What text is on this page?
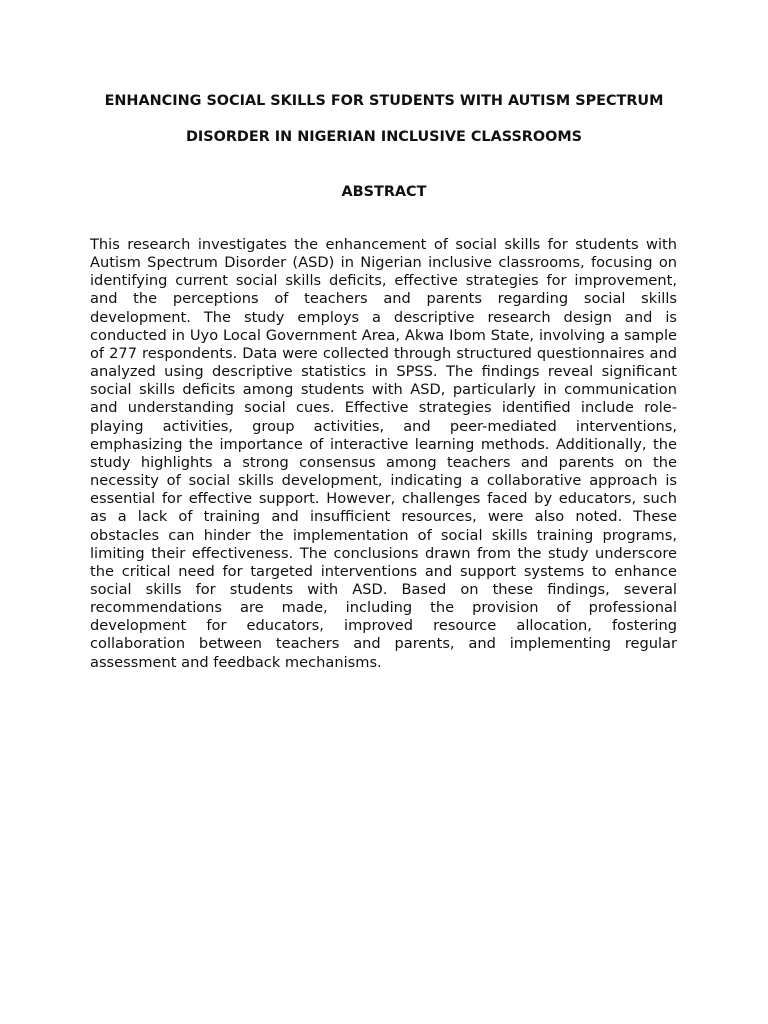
ENHANCING SOCIAL SKILLS FOR STUDENTS WITH AUTISM SPECTRUM
DISORDER IN NIGERIAN INCLUSIVE CLASSROOMS
ABSTRACT

This research investigates the enhancement of social skills for students with Autism Spectrum Disorder (ASD) in Nigerian inclusive classrooms, focusing on identifying current social skills deficits, effective strategies for improvement, and the perceptions of teachers and parents regarding social skills development. The study employs a descriptive research design and is conducted in Uyo Local Government Area, Akwa Ibom State, involving a sample of 277 respondents. Data were collected through structured questionnaires and analyzed using descriptive statistics in SPSS. The findings reveal significant social skills deficits among students with ASD, particularly in communication and understanding social cues. Effective strategies identified include role-playing activities, group activities, and peer-mediated interventions, emphasizing the importance of interactive learning methods. Additionally, the study highlights a strong consensus among teachers and parents on the necessity of social skills development, indicating a collaborative approach is essential for effective support. However, challenges faced by educators, such as a lack of training and insufficient resources, were also noted. These obstacles can hinder the implementation of social skills training programs, limiting their effectiveness. The conclusions drawn from the study underscore the critical need for targeted interventions and support systems to enhance social skills for students with ASD. Based on these findings, several recommendations are made, including the provision of professional development for educators, improved resource allocation, fostering collaboration between teachers and parents, and implementing regular assessment and feedback mechanisms.
